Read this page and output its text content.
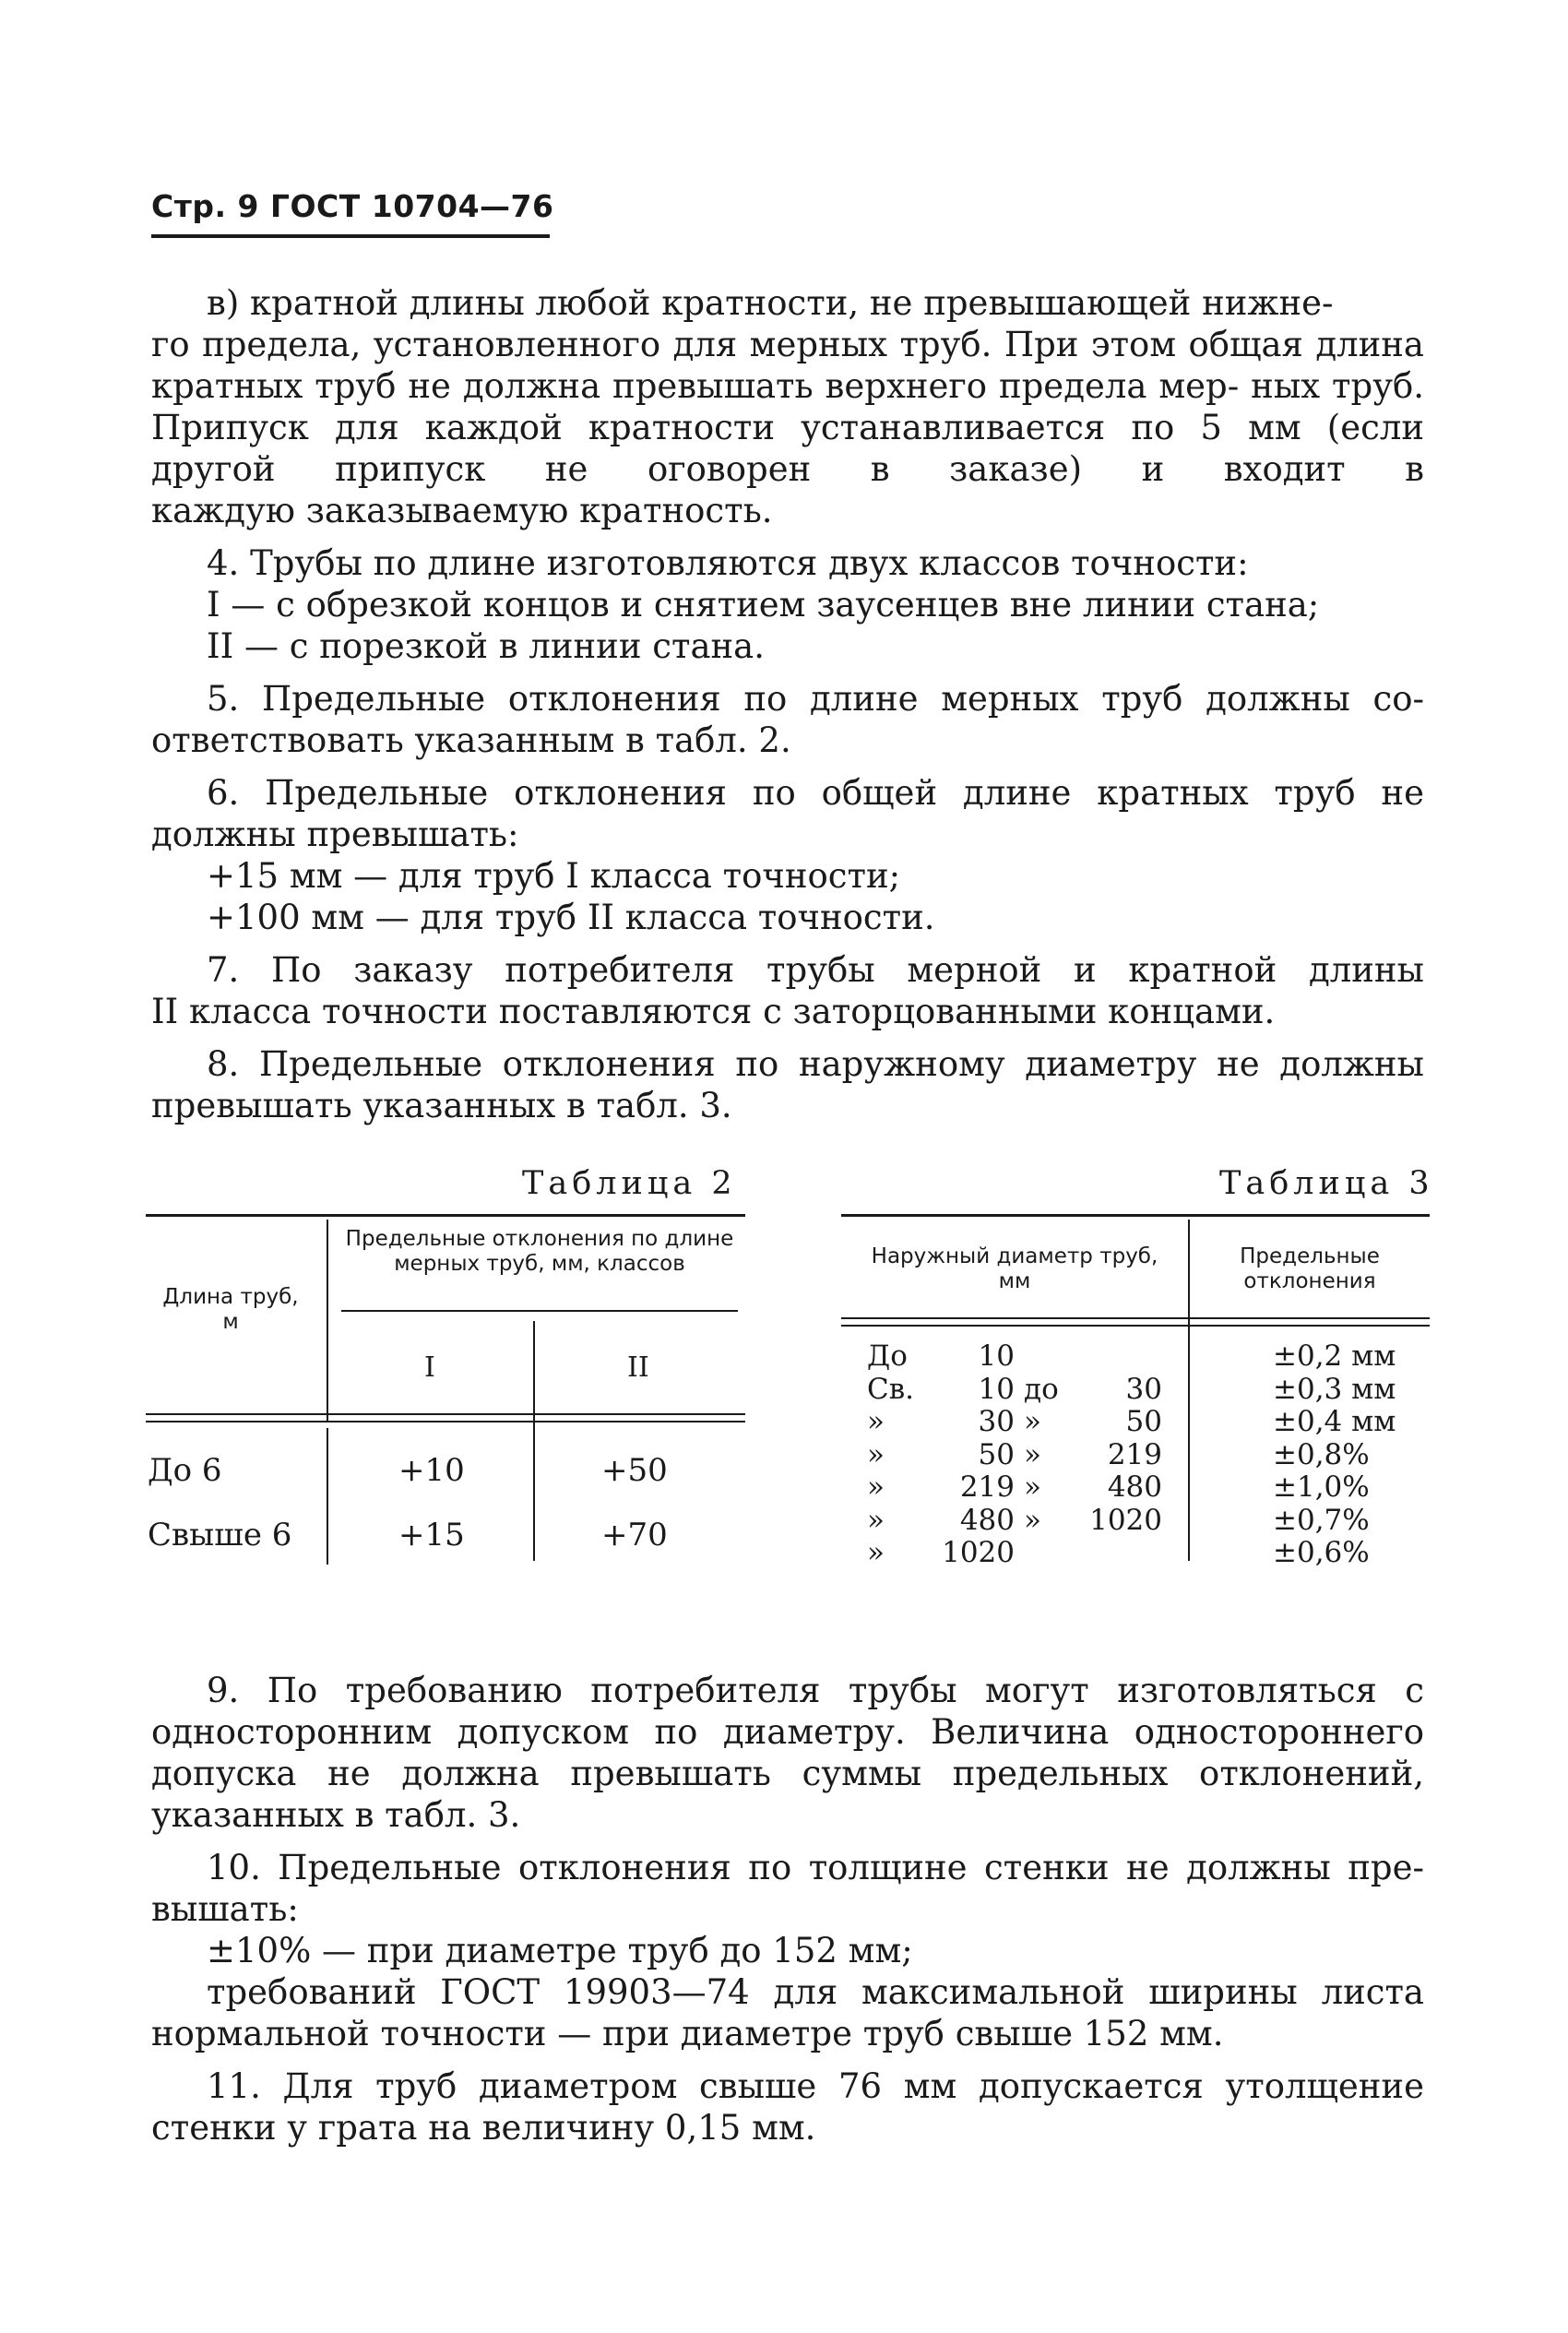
Стр. 9 ГОСТ 10704—76
в) кратной длины любой кратности, не превышающей нижне-

го предела, установленного для мерных труб. При этом общая длина кратных труб не должна превышать верхнего предела мер- ных труб. Припуск для каждой кратности устанавливается по 5 мм (если другой припуск не оговорен в заказе) и входит в

каждую заказываемую кратность.
4. Трубы по длине изготовляются двух классов точности:
I — с обрезкой концов и снятием заусенцев вне линии стана;
II — с порезкой в линии стана.

5. Предельные отклонения по длине мерных труб должны со-

ответствовать указанным в табл. 2.

6. Предельные отклонения по общей длине кратных труб не

должны превышать:
+15 мм — для труб I класса точности;
+100 мм — для труб II класса точности.

7. По заказу потребителя трубы мерной и кратной длины

II класса точности поставляются с заторцованными концами.

8. Предельные отклонения по наружному диаметру не должны

превышать указанных в табл. 3.
Таблица 2
Длина труб, м
Предельные отклонения по длине мерных труб, мм, классов
I	II
До 6	+10	+50
Свыше 6	+15	+70
Таблица 3
Наружный диаметр труб, мм
Предельные отклонения
До	10	±0,2 мм
Св.	10 до	30	±0,3 мм
»	30 »	50	±0,4 мм
»	50 »	219	±0,8%
»	219 »	480	±1,0%
»	480 »	1020	±0,7%
»	1020	±0,6%

9. По требованию потребителя трубы могут изготовляться с

односторонним допуском по диаметру. Величина одностороннего допуска не должна превышать суммы предельных отклонений,

указанных в табл. 3.

10. Предельные отклонения по толщине стенки не должны пре-

вышать:
±10% — при диаметре труб до 152 мм;

требований ГОСТ 19903—74 для максимальной ширины листа

нормальной точности — при диаметре труб свыше 152 мм.

11. Для труб диаметром свыше 76 мм допускается утолщение

стенки у грата на величину 0,15 мм.
